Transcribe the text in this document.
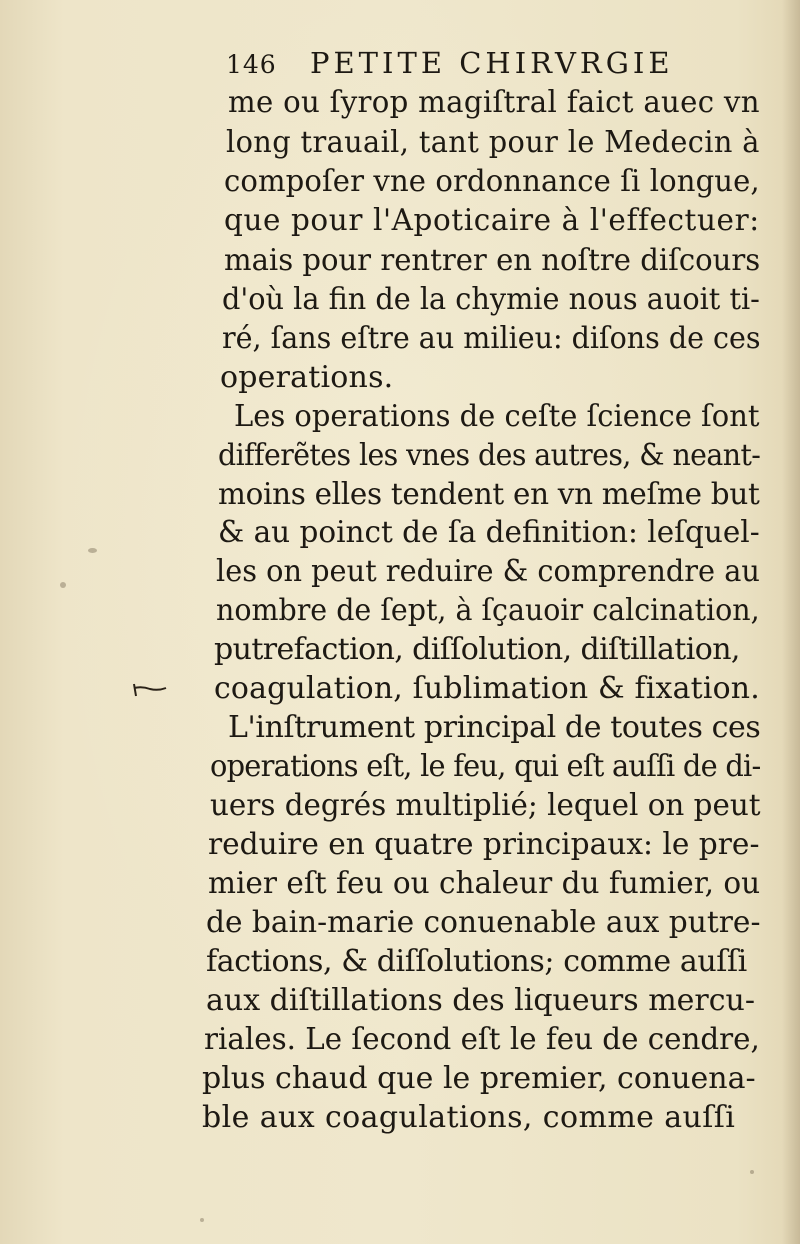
146 PETITE CHIRVRGIE
me ou ſyrop magiſtral faict auec vn
long trauail, tant pour le Medecin à
compoſer vne ordonnance ſi longue,
que pour l'Apoticaire à l'effectuer:
mais pour rentrer en noſtre diſcours
d'où la fin de la chymie nous auoit ti-
ré, ſans eſtre au milieu: diſons de ces
operations.
Les operations de ceſte ſcience ſont
differẽtes les vnes des autres, & neant-
moins elles tendent en vn meſme but
& au poinct de ſa definition: leſquel-
les on peut reduire & comprendre au
nombre de ſept, à ſçauoir calcination,
putrefaction, diſſolution, diſtillation,
coagulation, ſublimation & fixation.
L'inſtrument principal de toutes ces
operations eſt, le feu, qui eſt auſſi de di-
uers degrés multiplié; lequel on peut
reduire en quatre principaux: le pre-
mier eſt feu ou chaleur du fumier, ou
de bain-marie conuenable aux putre-
factions, & diſſolutions; comme auſſi
aux diſtillations des liqueurs mercu-
riales. Le ſecond eſt le feu de cendre,
plus chaud que le premier, conuena-
ble aux coagulations, comme auſſi
